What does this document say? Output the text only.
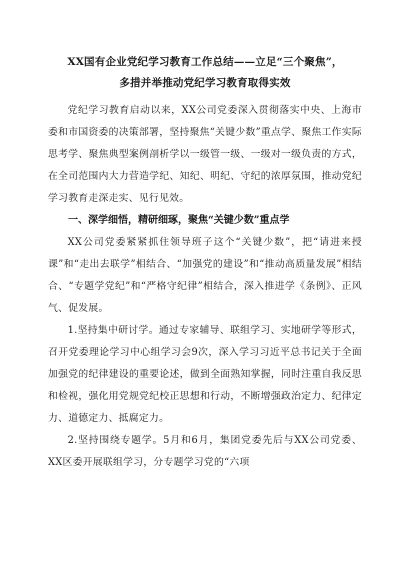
XX国有企业党纪学习教育工作总结——立足“三个聚焦”，
多措并举推动党纪学习教育取得实效

党纪学习教育启动以来，XX公司党委深入贯彻落实中央、上海市委和市国资委的决策部署，坚持聚焦“关键少数”重点学、聚焦工作实际思考学、聚焦典型案例剖析学以一级管一级、一级对一级负责的方式，在全司范围内大力营造学纪、知纪、明纪、守纪的浓厚氛围，推动党纪学习教育走深走实、见行见效。

一、深学细悟，精研细琢，聚焦“关键少数”重点学

XX公司党委紧紧抓住领导班子这个“关键少数”，把“请进来授课”和“走出去联学”相结合、“加强党的建设”和“推动高质量发展”相结合、“专题学党纪”和“严格守纪律”相结合，深入推进学《条例》、正风气、促发展。

1.坚持集中研讨学。通过专家辅导、联组学习、实地研学等形式，召开党委理论学习中心组学习会9次，深入学习习近平总书记关于全面加强党的纪律建设的重要论述，做到全面熟知掌握，同时注重自我反思和检视，强化用党规党纪校正思想和行动，不断增强政治定力、纪律定力、道德定力、抵腐定力。

2.坚持围绕专题学。5月和6月，集团党委先后与XX公司党委、XX区委开展联组学习，分专题学习党的“六项
